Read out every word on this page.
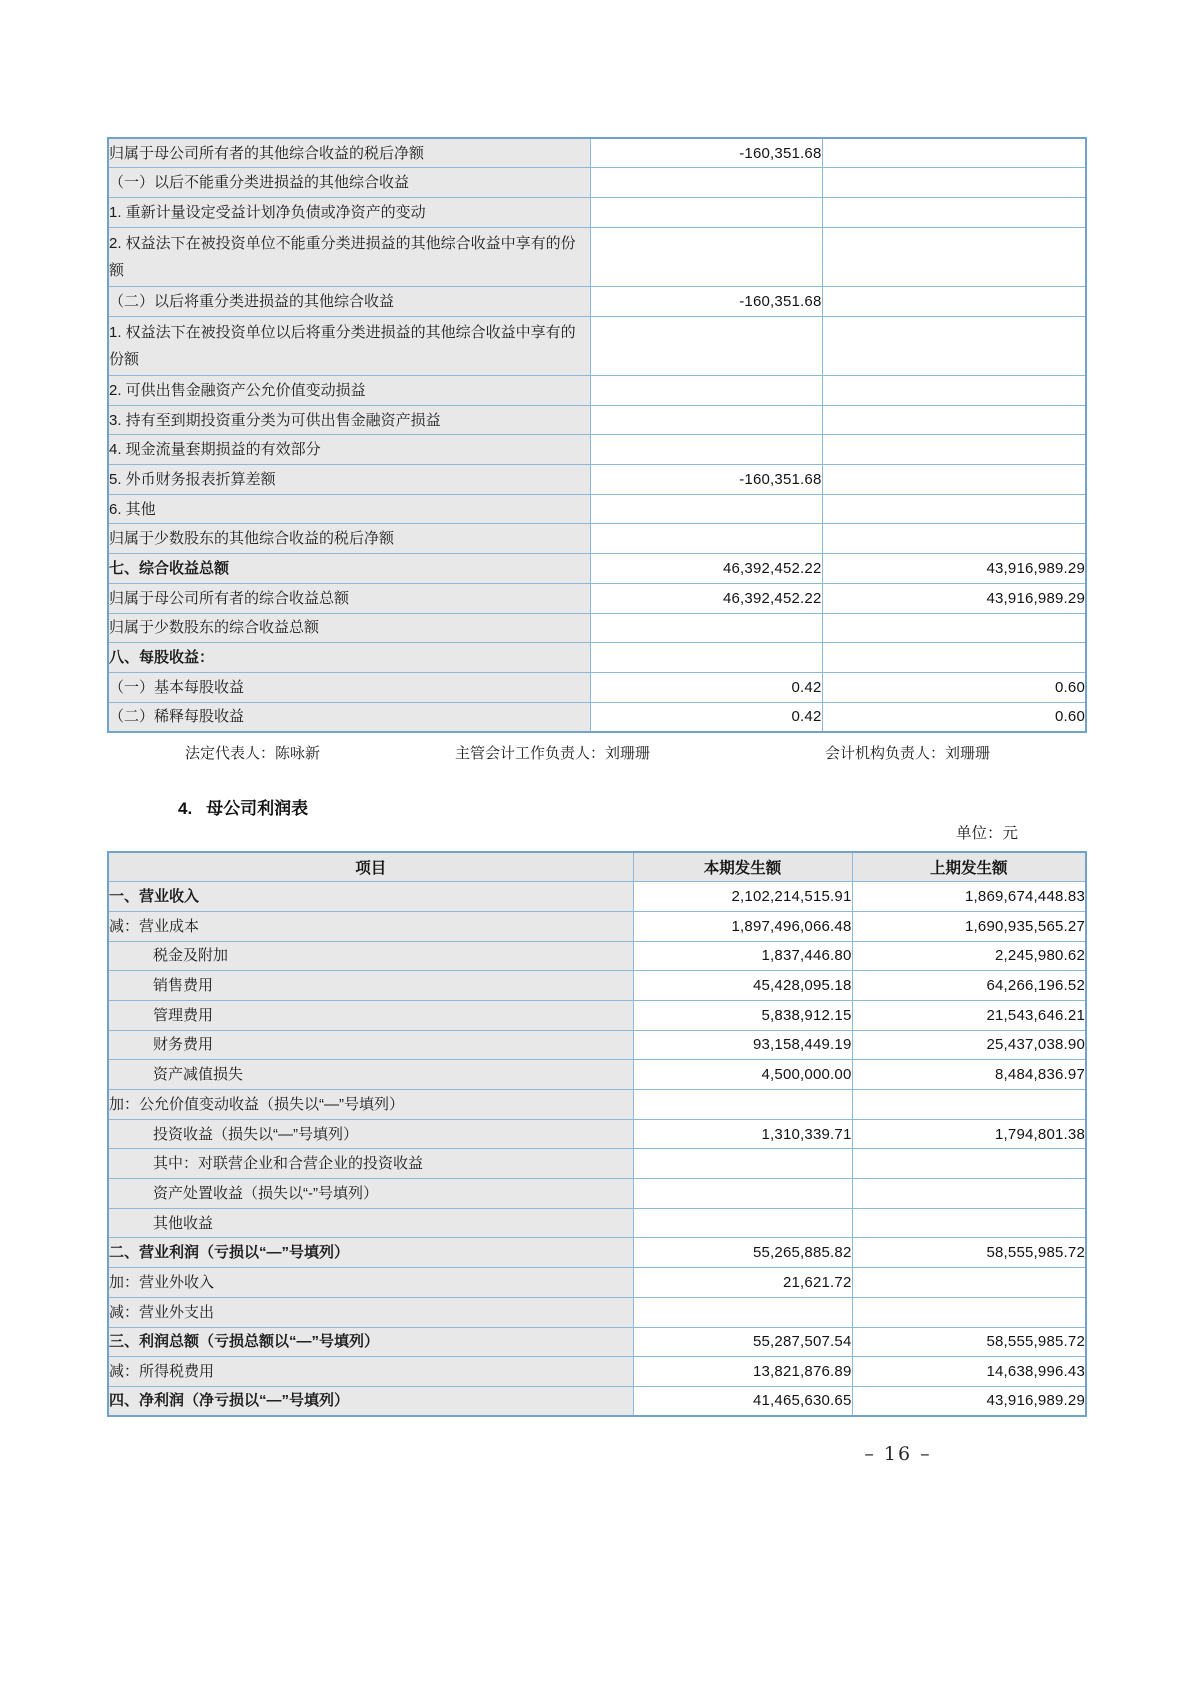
归属于母公司所有者的其他综合收益的税后净额	-160,351.68	
（一）以后不能重分类进损益的其他综合收益		
1. 重新计量设定受益计划净负债或净资产的变动		
2. 权益法下在被投资单位不能重分类进损益的其他综合收益中享有的份额		
（二）以后将重分类进损益的其他综合收益	-160,351.68	
1. 权益法下在被投资单位以后将重分类进损益的其他综合收益中享有的份额		
2. 可供出售金融资产公允价值变动损益		
3. 持有至到期投资重分类为可供出售金融资产损益		
4. 现金流量套期损益的有效部分		
5. 外币财务报表折算差额	-160,351.68	
6. 其他		
归属于少数股东的其他综合收益的税后净额		
七、综合收益总额	46,392,452.22	43,916,989.29
归属于母公司所有者的综合收益总额	46,392,452.22	43,916,989.29
归属于少数股东的综合收益总额		
八、每股收益：		
（一）基本每股收益	0.42	0.60
（二）稀释每股收益	0.42	0.60
法定代表人：陈咏新	主管会计工作负责人：刘珊珊	会计机构负责人：刘珊珊
4. 母公司利润表
单位：元
项目	本期发生额	上期发生额
一、营业收入	2,102,214,515.91	1,869,674,448.83
减：营业成本	1,897,496,066.48	1,690,935,565.27
税金及附加	1,837,446.80	2,245,980.62
销售费用	45,428,095.18	64,266,196.52
管理费用	5,838,912.15	21,543,646.21
财务费用	93,158,449.19	25,437,038.90
资产减值损失	4,500,000.00	8,484,836.97
加：公允价值变动收益（损失以“—”号填列）		
投资收益（损失以“—”号填列）	1,310,339.71	1,794,801.38
其中：对联营企业和合营企业的投资收益		
资产处置收益（损失以“-”号填列）		
其他收益		
二、营业利润（亏损以“—”号填列）	55,265,885.82	58,555,985.72
加：营业外收入	21,621.72	
减：营业外支出		
三、利润总额（亏损总额以“—”号填列）	55,287,507.54	58,555,985.72
减：所得税费用	13,821,876.89	14,638,996.43
四、净利润（净亏损以“—”号填列）	41,465,630.65	43,916,989.29
– 16 –
